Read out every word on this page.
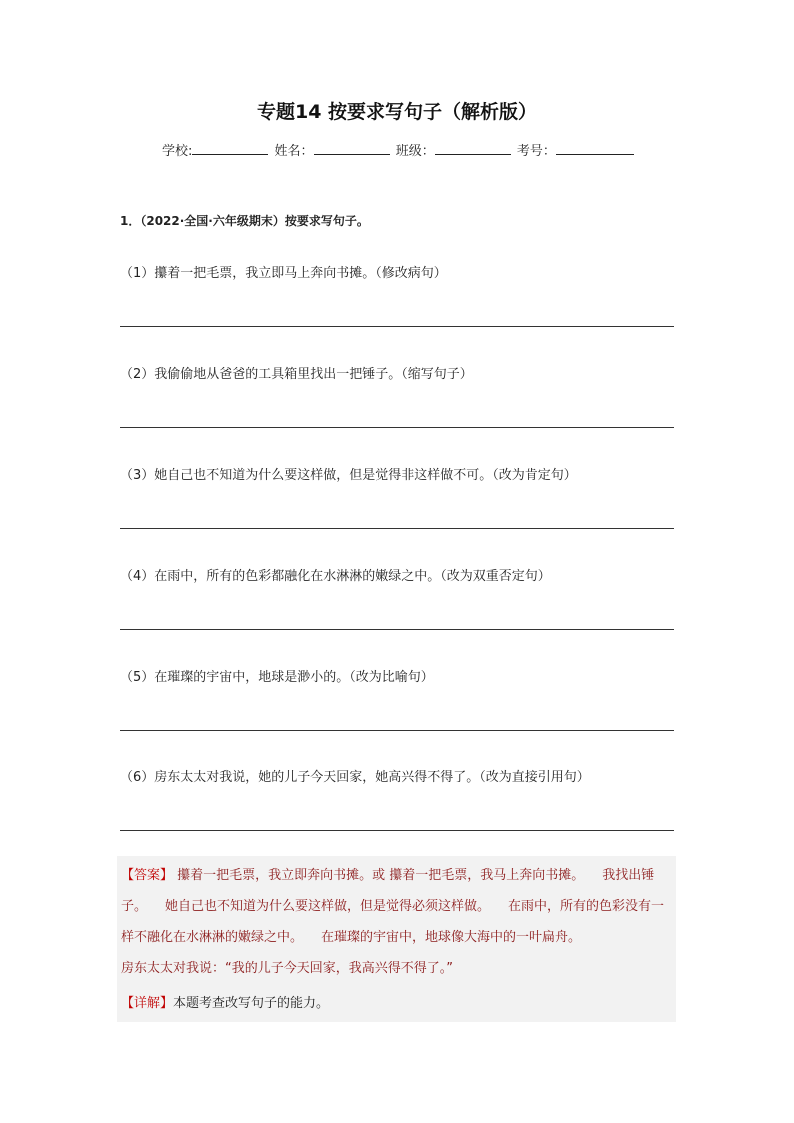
专题14 按要求写句子（解析版）
学校:	姓名：	班级：	考号：
1．（2022·全国·六年级期末）按要求写句子。
（1）攥着一把毛票，我立即马上奔向书摊。（修改病句）
（2）我偷偷地从爸爸的工具箱里找出一把锤子。（缩写句子）
（3）她自己也不知道为什么要这样做，但是觉得非这样做不可。（改为肯定句）
（4）在雨中，所有的色彩都融化在水淋淋的嫩绿之中。（改为双重否定句）
（5）在璀璨的宇宙中，地球是渺小的。（改为比喻句）
（6）房东太太对我说，她的儿子今天回家，她高兴得不得了。（改为直接引用句）
【答案】 攥着一把毛票，我立即奔向书摊。或 攥着一把毛票，我马上奔向书摊。 我找出锤子。 她自己也不知道为什么要这样做，但是觉得必须这样做。 在雨中，所有的色彩没有一样不融化在水淋淋的嫩绿之中。 在璀璨的宇宙中，地球像大海中的一叶扁舟。
房东太太对我说：“我的儿子今天回家，我高兴得不得了。”
【详解】本题考查改写句子的能力。
